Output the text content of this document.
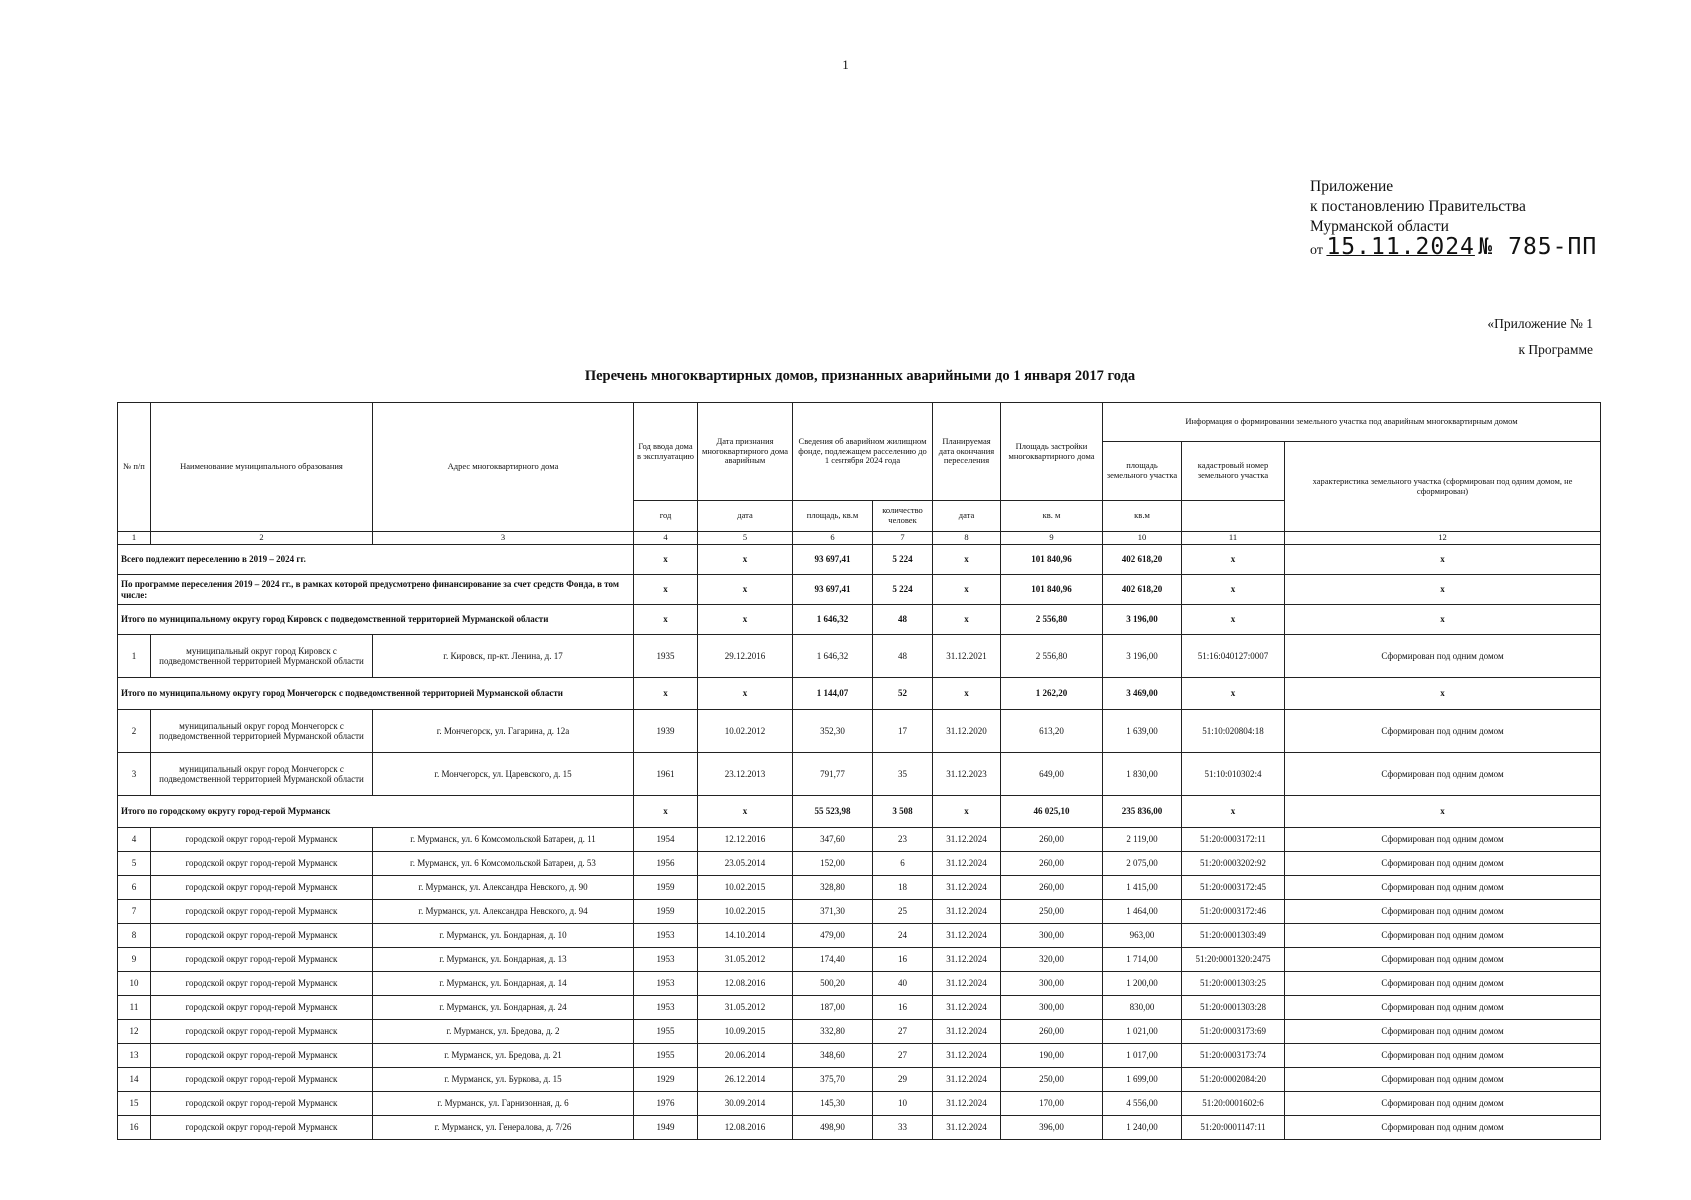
1
Приложение
к постановлению Правительства
Мурманской области
от 15.11.2024 № 785-ПП
«Приложение № 1
к Программе
Перечень многоквартирных домов, признанных аварийными до 1 января 2017 года
№ п/п	Наименование муниципального образования	Адрес многоквартирного дома	Год ввода дома в эксплуатацию	Дата признания многоквартирного дома аварийным	Сведения об аварийном жилищном фонде, подлежащем расселению до 1 сентября 2024 года		Планируемая дата окончания переселения	Площадь застройки многоквартирного дома	Информация о формировании земельного участка под аварийным многоквартирным домом		
									площадь земельного участка	кадастровый номер земельного участка	характеристика земельного участка (сформирован под одним домом, не сформирован)
			год	дата	площадь, кв.м	количество человек	дата	кв. м	кв.м		
1	2	3	4	5	6	7	8	9	10	11	12
Всего подлежит переселению в 2019 – 2024 гг.			х	х	93 697,41	5 224	х	101 840,96	402 618,20	х	х
По программе переселения 2019 – 2024 гг., в рамках которой предусмотрено финансирование за счет средств Фонда, в том числе:			х	х	93 697,41	5 224	х	101 840,96	402 618,20	х	х
Итого по муниципальному округу город Кировск с подведомственной территорией Мурманской области			х	х	1 646,32	48	х	2 556,80	3 196,00	х	х
1	муниципальный округ город Кировск с подведомственной территорией Мурманской области	г. Кировск, пр-кт. Ленина, д. 17	1935	29.12.2016	1 646,32	48	31.12.2021	2 556,80	3 196,00	51:16:040127:0007	Сформирован под одним домом
Итого по муниципальному округу город Мончегорск с подведомственной территорией Мурманской области			х	х	1 144,07	52	х	1 262,20	3 469,00	х	х
2	муниципальный округ город Мончегорск с подведомственной территорией Мурманской области	г. Мончегорск, ул. Гагарина, д. 12а	1939	10.02.2012	352,30	17	31.12.2020	613,20	1 639,00	51:10:020804:18	Сформирован под одним домом
3	муниципальный округ город Мончегорск с подведомственной территорией Мурманской области	г. Мончегорск, ул. Царевского, д. 15	1961	23.12.2013	791,77	35	31.12.2023	649,00	1 830,00	51:10:010302:4	Сформирован под одним домом
Итого по городскому округу город-герой Мурманск			х	х	55 523,98	3 508	х	46 025,10	235 836,00	х	х
4	городской округ город-герой Мурманск	г. Мурманск, ул. 6 Комсомольской Батареи, д. 11	1954	12.12.2016	347,60	23	31.12.2024	260,00	2 119,00	51:20:0003172:11	Сформирован под одним домом
5	городской округ город-герой Мурманск	г. Мурманск, ул. 6 Комсомольской Батареи, д. 53	1956	23.05.2014	152,00	6	31.12.2024	260,00	2 075,00	51:20:0003202:92	Сформирован под одним домом
6	городской округ город-герой Мурманск	г. Мурманск, ул. Александра Невского, д. 90	1959	10.02.2015	328,80	18	31.12.2024	260,00	1 415,00	51:20:0003172:45	Сформирован под одним домом
7	городской округ город-герой Мурманск	г. Мурманск, ул. Александра Невского, д. 94	1959	10.02.2015	371,30	25	31.12.2024	250,00	1 464,00	51:20:0003172:46	Сформирован под одним домом
8	городской округ город-герой Мурманск	г. Мурманск, ул. Бондарная, д. 10	1953	14.10.2014	479,00	24	31.12.2024	300,00	963,00	51:20:0001303:49	Сформирован под одним домом
9	городской округ город-герой Мурманск	г. Мурманск, ул. Бондарная, д. 13	1953	31.05.2012	174,40	16	31.12.2024	320,00	1 714,00	51:20:0001320:2475	Сформирован под одним домом
10	городской округ город-герой Мурманск	г. Мурманск, ул. Бондарная, д. 14	1953	12.08.2016	500,20	40	31.12.2024	300,00	1 200,00	51:20:0001303:25	Сформирован под одним домом
11	городской округ город-герой Мурманск	г. Мурманск, ул. Бондарная, д. 24	1953	31.05.2012	187,00	16	31.12.2024	300,00	830,00	51:20:0001303:28	Сформирован под одним домом
12	городской округ город-герой Мурманск	г. Мурманск, ул. Бредова, д. 2	1955	10.09.2015	332,80	27	31.12.2024	260,00	1 021,00	51:20:0003173:69	Сформирован под одним домом
13	городской округ город-герой Мурманск	г. Мурманск, ул. Бредова, д. 21	1955	20.06.2014	348,60	27	31.12.2024	190,00	1 017,00	51:20:0003173:74	Сформирован под одним домом
14	городской округ город-герой Мурманск	г. Мурманск, ул. Буркова, д. 15	1929	26.12.2014	375,70	29	31.12.2024	250,00	1 699,00	51:20:0002084:20	Сформирован под одним домом
15	городской округ город-герой Мурманск	г. Мурманск, ул. Гарнизонная, д. 6	1976	30.09.2014	145,30	10	31.12.2024	170,00	4 556,00	51:20:0001602:6	Сформирован под одним домом
16	городской округ город-герой Мурманск	г. Мурманск, ул. Генералова, д. 7/26	1949	12.08.2016	498,90	33	31.12.2024	396,00	1 240,00	51:20:0001147:11	Сформирован под одним домом
